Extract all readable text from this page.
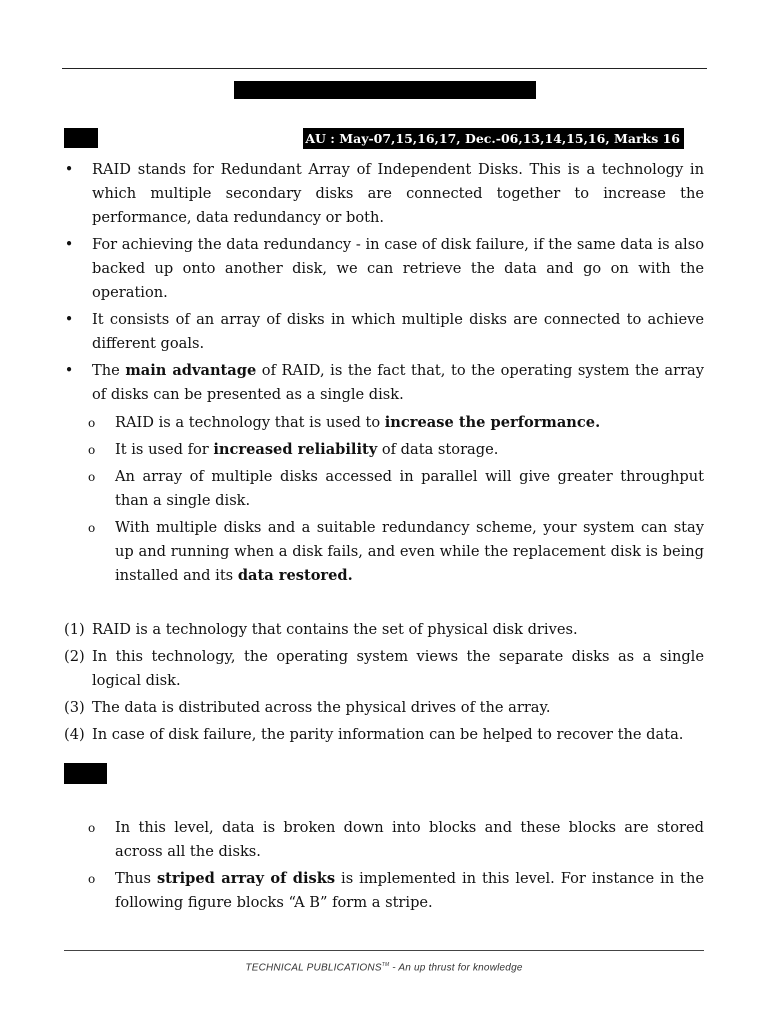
AU : May-07,15,16,17, Dec.-06,13,14,15,16, Marks 16
• RAID stands for Redundant Array of Independent Disks. This is a technology in which multiple secondary disks are connected together to increase the performance, data redundancy or both.
• For achieving the data redundancy - in case of disk failure, if the same data is also backed up onto another disk, we can retrieve the data and go on with the operation.
• It consists of an array of disks in which multiple disks are connected to achieve different goals.
• The main advantage of RAID, is the fact that, to the operating system the array of disks can be presented as a single disk.
o RAID is a technology that is used to increase the performance.
o It is used for increased reliability of data storage.
o An array of multiple disks accessed in parallel will give greater throughput than a single disk.
o With multiple disks and a suitable redundancy scheme, your system can stay up and running when a disk fails, and even while the replacement disk is being installed and its data restored.
(1) RAID is a technology that contains the set of physical disk drives.
(2) In this technology, the operating system views the separate disks as a single logical disk.
(3) The data is distributed across the physical drives of the array.
(4) In case of disk failure, the parity information can be helped to recover the data.
o In this level, data is broken down into blocks and these blocks are stored across all the disks.
o Thus striped array of disks is implemented in this level. For instance in the following figure blocks “A B” form a stripe.
TECHNICAL PUBLICATIONS™ - An up thrust for knowledge
